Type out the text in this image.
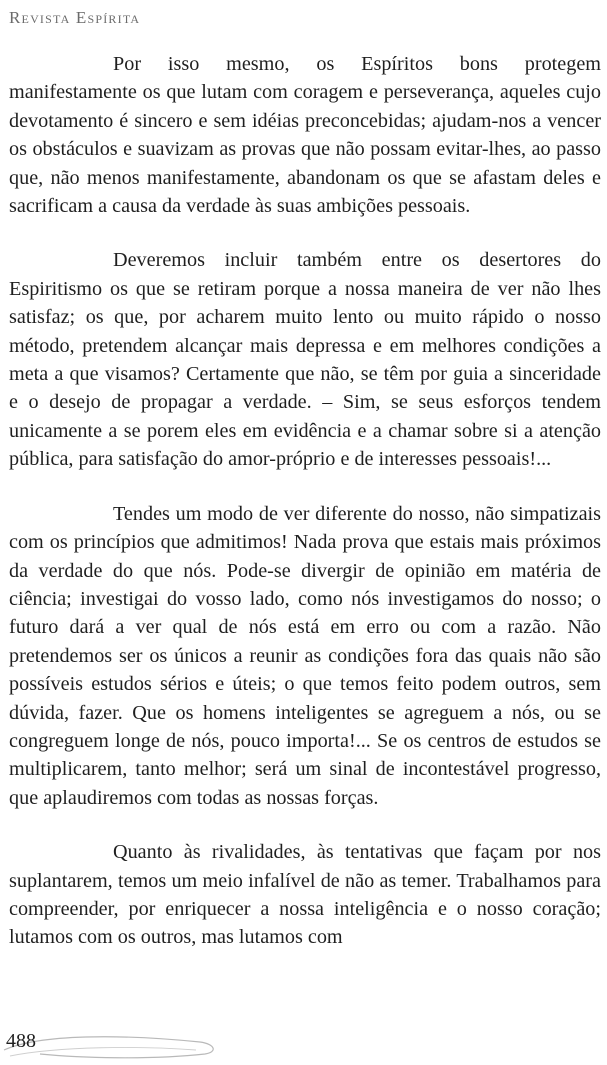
Revista Espírita

Por isso mesmo, os Espíritos bons protegem manifestamente os que lutam com coragem e perseverança, aqueles cujo devotamento é sincero e sem idéias preconcebidas; ajudam-nos a vencer os obstáculos e suavizam as provas que não possam evitar-lhes, ao passo que, não menos manifestamente, abandonam os que se afastam deles e sacrificam a causa da verdade às suas ambições pessoais.

Deveremos incluir também entre os desertores do Espiritismo os que se retiram porque a nossa maneira de ver não lhes satisfaz; os que, por acharem muito lento ou muito rápido o nosso método, pretendem alcançar mais depressa e em melhores condições a meta a que visamos? Certamente que não, se têm por guia a sinceridade e o desejo de propagar a verdade. – Sim, se seus esforços tendem unicamente a se porem eles em evidência e a chamar sobre si a atenção pública, para satisfação do amor-próprio e de interesses pessoais!...

Tendes um modo de ver diferente do nosso, não simpatizais com os princípios que admitimos! Nada prova que estais mais próximos da verdade do que nós. Pode-se divergir de opinião em matéria de ciência; investigai do vosso lado, como nós investigamos do nosso; o futuro dará a ver qual de nós está em erro ou com a razão. Não pretendemos ser os únicos a reunir as condições fora das quais não são possíveis estudos sérios e úteis; o que temos feito podem outros, sem dúvida, fazer. Que os homens inteligentes se agreguem a nós, ou se congreguem longe de nós, pouco importa!... Se os centros de estudos se multiplicarem, tanto melhor; será um sinal de incontestável progresso, que aplaudiremos com todas as nossas forças.

Quanto às rivalidades, às tentativas que façam por nos suplantarem, temos um meio infalível de não as temer. Trabalhamos para compreender, por enriquecer a nossa inteligência e o nosso coração; lutamos com os outros, mas lutamos com

488
